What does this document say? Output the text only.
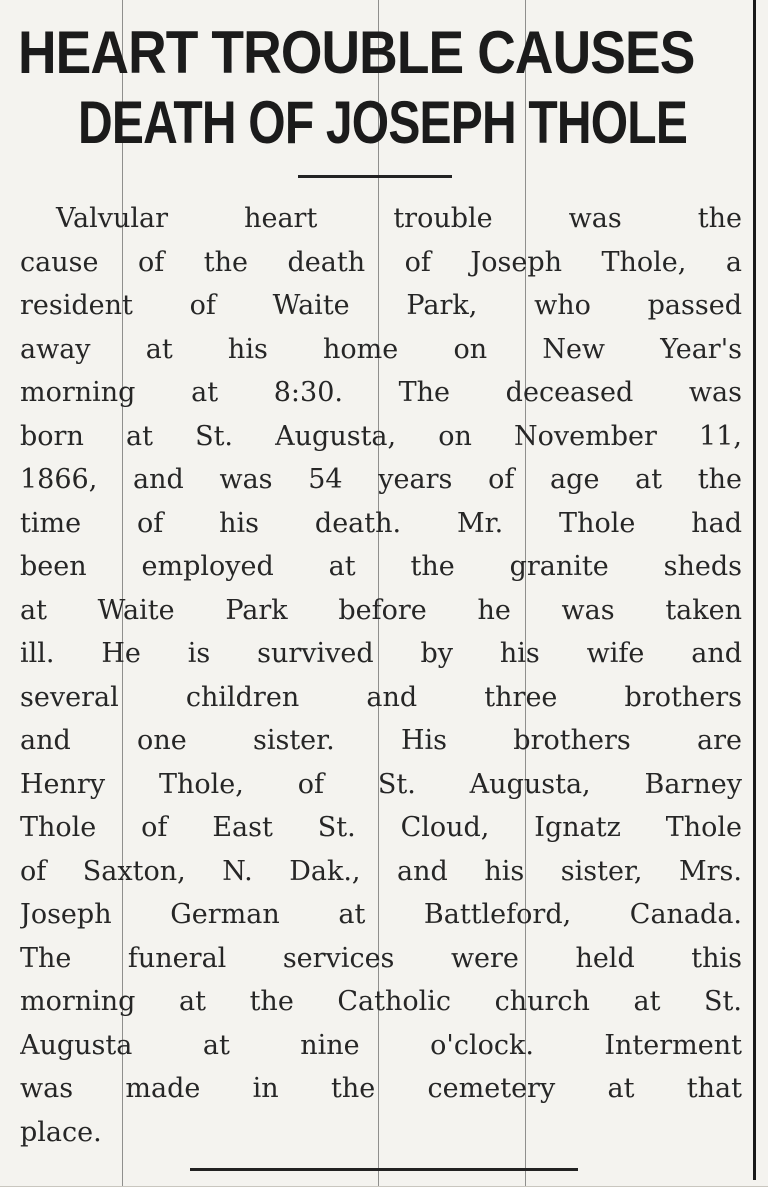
HEART TROUBLE CAUSES
DEATH OF JOSEPH THOLE
Valvular heart trouble was the
cause of the death of Joseph Thole, a
resident of Waite Park, who passed
away at his home on New Year's
morning at 8:30. The deceased was
born at St. Augusta, on November 11,
1866, and was 54 years of age at the
time of his death. Mr. Thole had
been employed at the granite sheds
at Waite Park before he was taken
ill. He is survived by his wife and
several children and three brothers
and one sister. His brothers are
Henry Thole, of St. Augusta, Barney
Thole of East St. Cloud, Ignatz Thole
of Saxton, N. Dak., and his sister, Mrs.
Joseph German at Battleford, Canada.
The funeral services were held this
morning at the Catholic church at St.
Augusta at nine o'clock. Interment
was made in the cemetery at that
place.
